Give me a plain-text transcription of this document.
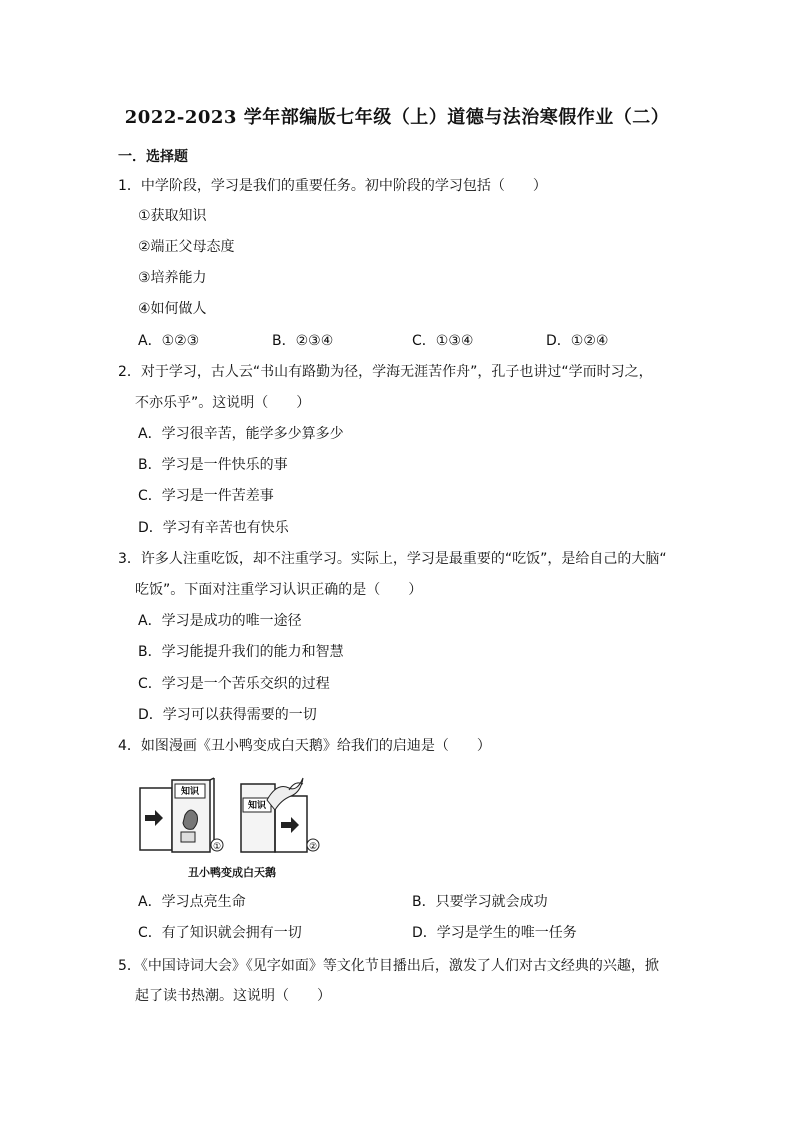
2022-2023 学年部编版七年级（上）道德与法治寒假作业（二）
一．选择题
1．中学阶段，学习是我们的重要任务。初中阶段的学习包括（　　）
①获取知识
②端正父母态度
③培养能力
④如何做人
A．①②③	B．②③④	C．①③④	D．①②④
2．对于学习，古人云“书山有路勤为径，学海无涯苦作舟”，孔子也讲过“学而时习之，
不亦乐乎”。这说明（　　）
A．学习很辛苦，能学多少算多少
B．学习是一件快乐的事
C．学习是一件苦差事
D．学习有辛苦也有快乐
3．许多人注重吃饭，却不注重学习。实际上，学习是最重要的“吃饭”，是给自己的大脑“
吃饭”。下面对注重学习认识正确的是（　　）
A．学习是成功的唯一途径
B．学习能提升我们的能力和智慧
C．学习是一个苦乐交织的过程
D．学习可以获得需要的一切
4．如图漫画《丑小鸭变成白天鹅》给我们的启迪是（　　）
①
知识
②
知识
丑小鸭变成白天鹅
A．学习点亮生命	B．只要学习就会成功
C．有了知识就会拥有一切	D．学习是学生的唯一任务
5．《中国诗词大会》《见字如面》等文化节目播出后，激发了人们对古文经典的兴趣，掀
起了读书热潮。这说明（　　）
